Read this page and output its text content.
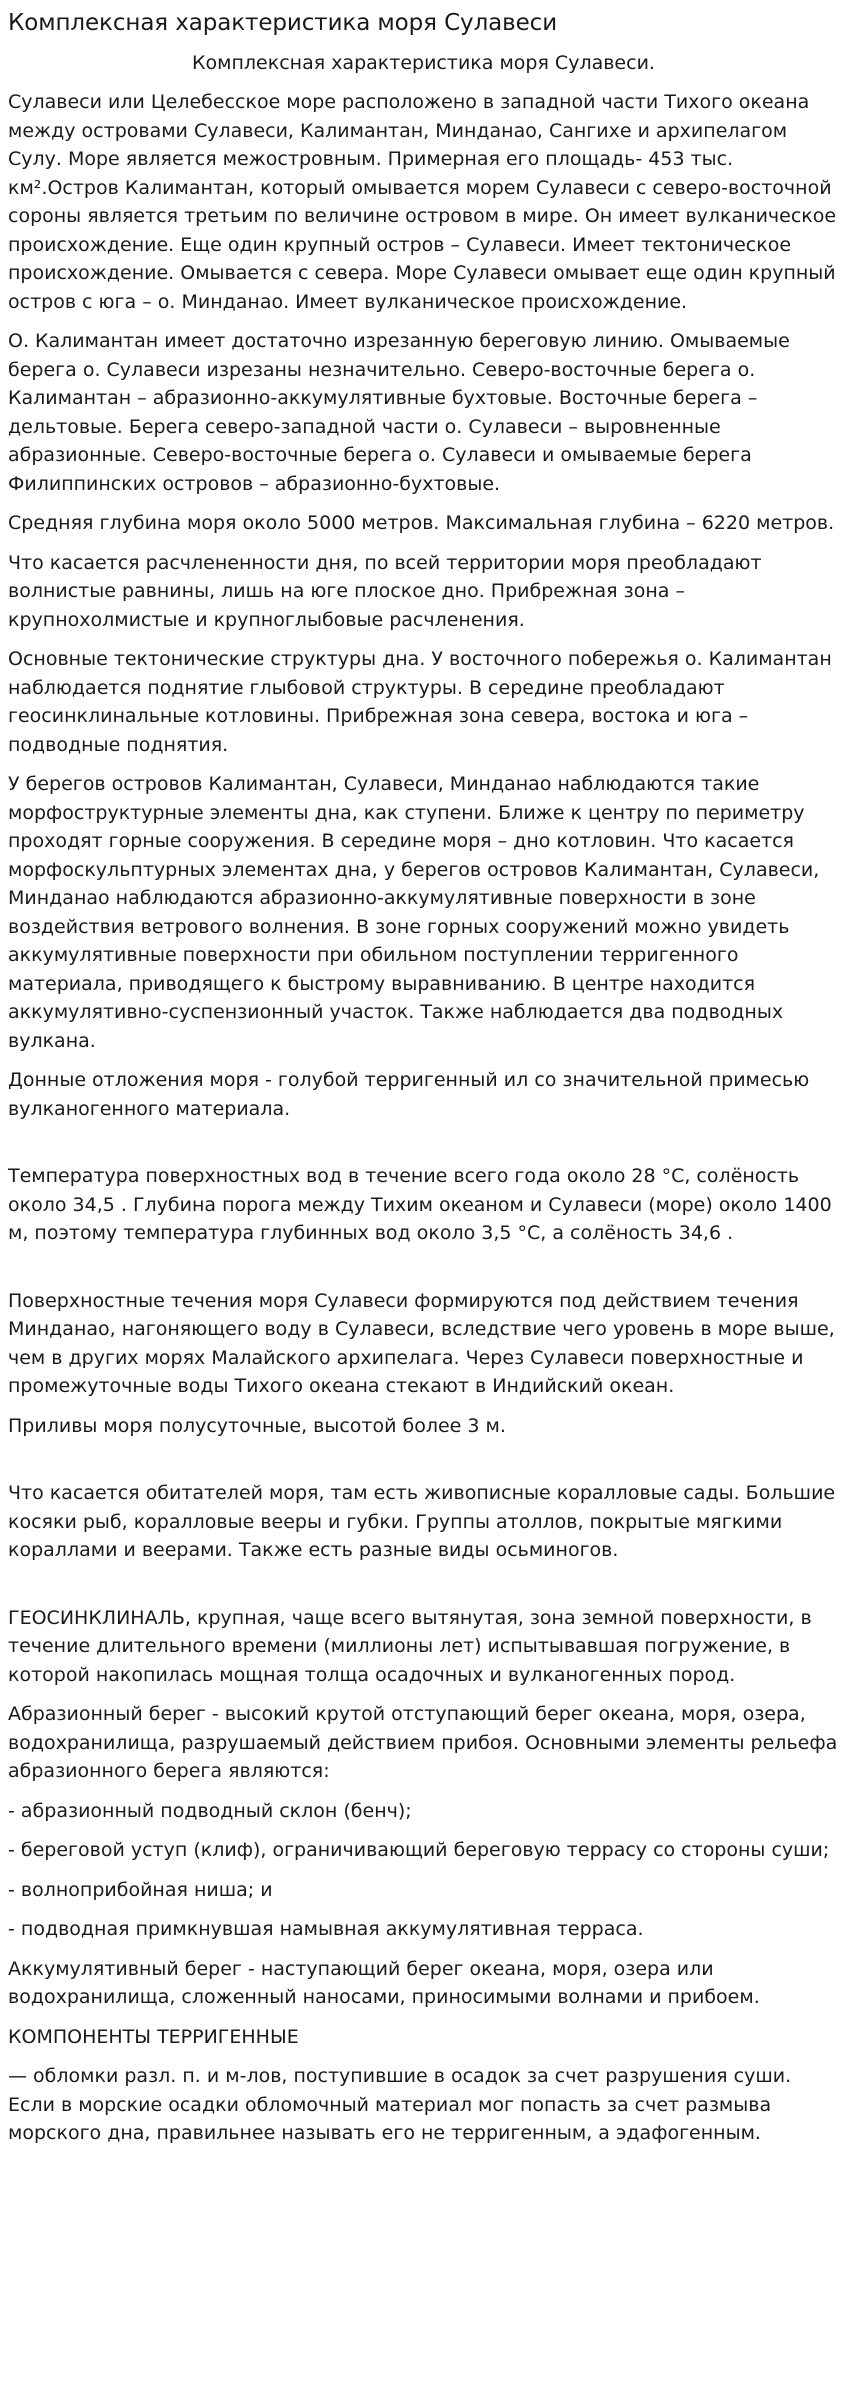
Комплексная характеристика моря Сулавеси

Комплексная характеристика моря Сулавеси.

Сулавеси или Целебесское море расположено в западной части Тихого океана между островами Сулавеси, Калимантан, Минданао, Сангихе и архипелагом Сулу. Море является межостровным. Примерная его площадь- 453 тыс. км².Остров Калимантан, который омывается морем Сулавеси с северо-восточной сороны является третьим по величине островом в мире. Он имеет вулканическое происхождение. Еще один крупный остров – Сулавеси. Имеет тектоническое происхождение. Омывается с севера. Море Сулавеси омывает еще один крупный остров с юга – о. Минданао. Имеет вулканическое происхождение.

О. Калимантан имеет достаточно изрезанную береговую линию. Омываемые берега о. Сулавеси изрезаны незначительно. Северо-восточные берега о. Калимантан – абразионно-аккумулятивные бухтовые. Восточные берега – дельтовые. Берега северо-западной части о. Сулавеси – выровненные абразионные. Северо-восточные берега о. Сулавеси и омываемые берега Филиппинских островов – абразионно-бухтовые.

Средняя глубина моря около 5000 метров. Максимальная глубина – 6220 метров.

Что касается расчлененности дня, по всей территории моря преобладают волнистые равнины, лишь на юге плоское дно. Прибрежная зона – крупнохолмистые и крупноглыбовые расчленения.

Основные тектонические структуры дна. У восточного побережья о. Калимантан наблюдается поднятие глыбовой структуры. В середине преобладают геосинклинальные котловины. Прибрежная зона севера, востока и юга – подводные поднятия.

У берегов островов Калимантан, Сулавеси, Минданао наблюдаются такие морфоструктурные элементы дна, как ступени. Ближе к центру по периметру проходят горные сооружения. В середине моря – дно котловин. Что касается морфоскульптурных элементах дна, у берегов островов Калимантан, Сулавеси, Минданао наблюдаются абразионно-аккумулятивные поверхности в зоне воздействия ветрового волнения. В зоне горных сооружений можно увидеть аккумулятивные поверхности при обильном поступлении терригенного материала, приводящего к быстрому выравниванию. В центре находится аккумулятивно-суспензионный участок. Также наблюдается два подводных вулкана.

Донные отложения моря - голубой терригенный ил со значительной примесью вулканогенного материала.

Температура поверхностных вод в течение всего года около 28 °C, солёность около 34,5 . Глубина порога между Тихим океаном и Сулавеси (море) около 1400 м, поэтому температура глубинных вод около 3,5 °C, а солёность 34,6 .

Поверхностные течения моря Сулавеси формируются под действием течения Минданао, нагоняющего воду в Сулавеси, вследствие чего уровень в море выше, чем в других морях Малайского архипелага. Через Сулавеси поверхностные и промежуточные воды Тихого океана стекают в Индийский океан.

Приливы моря полусуточные, высотой более 3 м.

Что касается обитателей моря, там есть живописные коралловые сады. Большие косяки рыб, коралловые вееры и губки. Группы атоллов, покрытые мягкими кораллами и веерами. Также есть разные виды осьминогов.

ГЕОСИНКЛИНАЛЬ, крупная, чаще всего вытянутая, зона земной поверхности, в течение длительного времени (миллионы лет) испытывавшая погружение, в которой накопилась мощная толща осадочных и вулканогенных пород.

Абразионный берег - высокий крутой отступающий берег океана, моря, озера, водохранилища, разрушаемый действием прибоя. Основными элементы рельефа абразионного берега являются:

- абразионный подводный склон (бенч);

- береговой уступ (клиф), ограничивающий береговую террасу со стороны суши;

- волноприбойная ниша; и

- подводная примкнувшая намывная аккумулятивная терраса.

Аккумулятивный берег - наступающий берег океана, моря, озера или водохранилища, сложенный наносами, приносимыми волнами и прибоем.

КОМПОНЕНТЫ ТЕРРИГЕННЫЕ

— обломки разл. п. и м-лов, поступившие в осадок за счет разрушения суши. Если в морские осадки обломочный материал мог попасть за счет размыва морского дна, правильнее называть его не терригенным, а эдафогенным.
